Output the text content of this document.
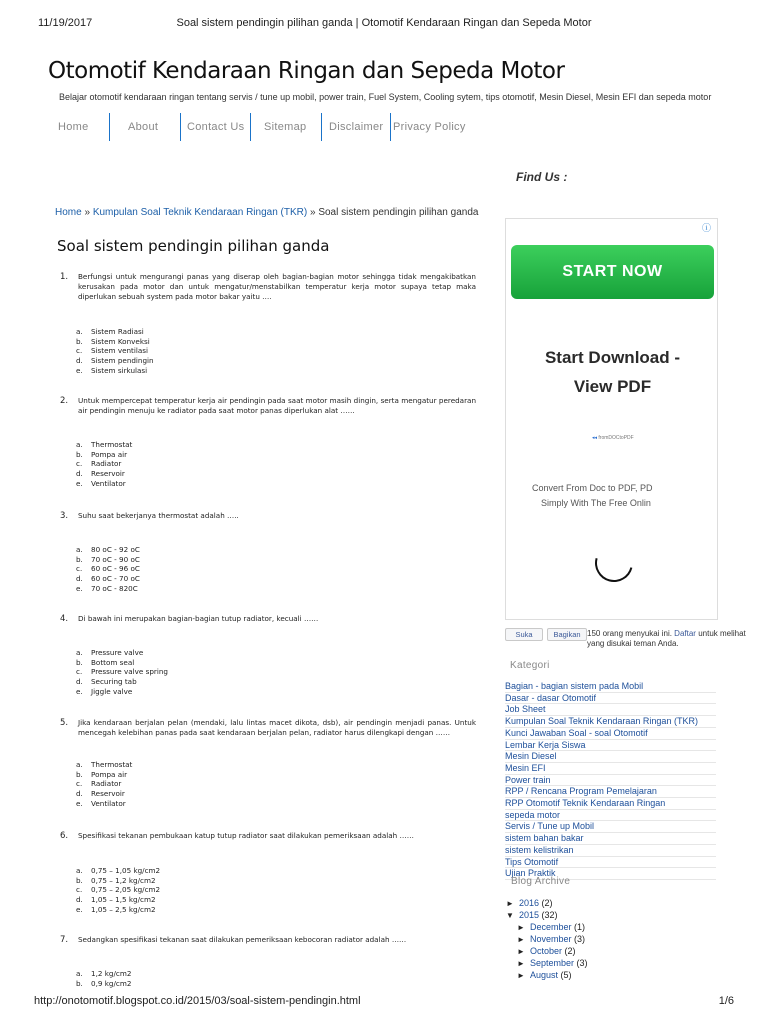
11/19/2017	Soal sistem pendingin pilihan ganda | Otomotif Kendaraan Ringan dan Sepeda Motor
Otomotif Kendaraan Ringan dan Sepeda Motor
Belajar otomotif kendaraan ringan tentang servis / tune up mobil, power train, Fuel System, Cooling sytem, tips otomotif, Mesin Diesel, Mesin EFI dan sepeda motor
Home	About	Contact Us Sitemap Disclaimer Privacy Policy
Find Us :
Home » Kumpulan Soal Teknik Kendaraan Ringan (TKR) » Soal sistem pendingin pilihan ganda
Soal sistem pendingin pilihan ganda
1. Berfungsi untuk mengurangi panas yang diserap oleh bagian-bagian motor sehingga tidak mengakibatkan kerusakan pada motor dan untuk mengatur/menstabilkan temperatur kerja motor supaya tetap maka diperlukan sebuah system pada motor bakar yaitu ….
a. Sistem Radiasi
b. Sistem Konveksi
c. Sistem ventilasi
d. Sistem pendingin
e. Sistem sirkulasi
2. Untuk mempercepat temperatur kerja air pendingin pada saat motor masih dingin, serta mengatur peredaran air pendingin menuju ke radiator pada saat motor panas diperlukan alat ……
a. Thermostat
b. Pompa air
c. Radiator
d. Reservoir
e. Ventilator
3. Suhu saat bekerjanya thermostat adalah …..
a. 80 oC - 92 oC
b. 70 oC - 90 oC
c. 60 oC - 96 oC
d. 60 oC - 70 oC
e. 70 oC - 820C
4. Di bawah ini merupakan bagian-bagian tutup radiator, kecuali ……
a. Pressure valve
b. Bottom seal
c. Pressure valve spring
d. Securing tab
e. Jiggle valve
5. Jika kendaraan berjalan pelan (mendaki, lalu lintas macet dikota, dsb), air pendingin menjadi panas. Untuk mencegah kelebihan panas pada saat kendaraan berjalan pelan, radiator harus dilengkapi dengan ……
a. Thermostat
b. Pompa air
c. Radiator
d. Reservoir
e. Ventilator
6. Spesifikasi tekanan pembukaan katup tutup radiator saat dilakukan pemeriksaan adalah ……
a. 0,75 – 1,05 kg/cm2
b. 0,75 – 1,2 kg/cm2
c. 0,75 – 2,05 kg/cm2
d. 1,05 – 1,5 kg/cm2
e. 1,05 – 2,5 kg/cm2
7. Sedangkan spesifikasi tekanan saat dilakukan pemeriksaan kebocoran radiator adalah ……
a. 1,2 kg/cm2
b. 0,9 kg/cm2
ⓘ
START NOW
Start Download -
View PDF
◂◂ fromDOCtoPDF
Convert From Doc to PDF, PD
Simply With The Free Onlin
Suka	Bagikan 150 orang menyukai ini. Daftar untuk melihat yang disukai teman Anda.
Kategori
Bagian - bagian sistem pada Mobil
Dasar - dasar Otomotif
Job Sheet
Kumpulan Soal Teknik Kendaraan Ringan (TKR)
Kunci Jawaban Soal - soal Otomotif
Lembar Kerja Siswa
Mesin Diesel
Mesin EFI
Power train
RPP / Rencana Program Pemelajaran
RPP Otomotif Teknik Kendaraan Ringan
sepeda motor
Servis / Tune up Mobil
sistem bahan bakar
sistem kelistrikan
Tips Otomotif
Ujian Praktik
Blog Archive
► 2016 (2)
▼ 2015 (32)
► December (1)
► November (3)
► October (2)
► September (3)
► August (5)
http://onotomotif.blogspot.co.id/2015/03/soal-sistem-pendingin.html	1/6
